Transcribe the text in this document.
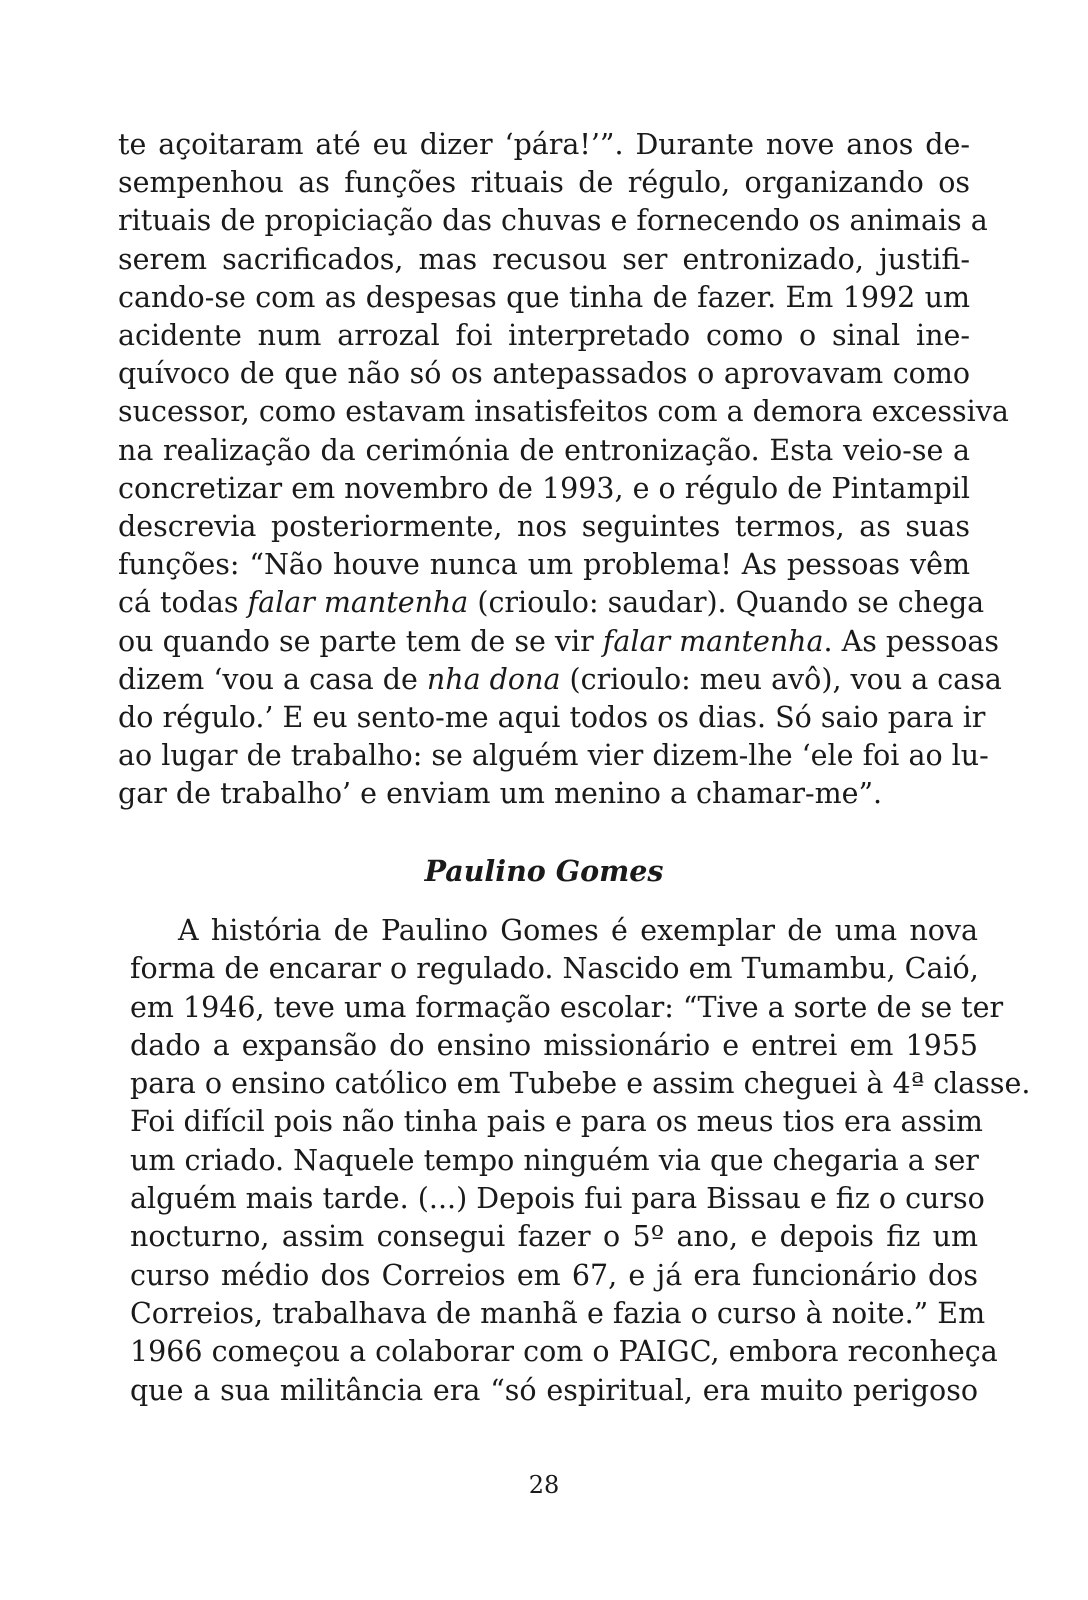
te açoitaram até eu dizer ‘pára!’”. Durante nove anos de-
sempenhou as funções rituais de régulo, organizando os
rituais de propiciação das chuvas e fornecendo os animais a
serem sacrificados, mas recusou ser entronizado, justifi-
cando-se com as despesas que tinha de fazer. Em 1992 um
acidente num arrozal foi interpretado como o sinal ine-
quívoco de que não só os antepassados o aprovavam como
sucessor, como estavam insatisfeitos com a demora excessiva
na realização da cerimónia de entronização. Esta veio-se a
concretizar em novembro de 1993, e o régulo de Pintampil
descrevia posteriormente, nos seguintes termos, as suas
funções: “Não houve nunca um problema! As pessoas vêm
cá todas falar mantenha (crioulo: saudar). Quando se chega
ou quando se parte tem de se vir falar mantenha. As pessoas
dizem ‘vou a casa de nha dona (crioulo: meu avô), vou a casa
do régulo.’ E eu sento-me aqui todos os dias. Só saio para ir
ao lugar de trabalho: se alguém vier dizem-lhe ‘ele foi ao lu-
gar de trabalho’ e enviam um menino a chamar-me”.
Paulino Gomes
A história de Paulino Gomes é exemplar de uma nova
forma de encarar o regulado. Nascido em Tumambu, Caió,
em 1946, teve uma formação escolar: “Tive a sorte de se ter
dado a expansão do ensino missionário e entrei em 1955
para o ensino católico em Tubebe e assim cheguei à 4ª classe.
Foi difícil pois não tinha pais e para os meus tios era assim
um criado. Naquele tempo ninguém via que chegaria a ser
alguém mais tarde. (...) Depois fui para Bissau e fiz o curso
nocturno, assim consegui fazer o 5º ano, e depois fiz um
curso médio dos Correios em 67, e já era funcionário dos
Correios, trabalhava de manhã e fazia o curso à noite.” Em
1966 começou a colaborar com o PAIGC, embora reconheça
que a sua militância era “só espiritual, era muito perigoso
28
